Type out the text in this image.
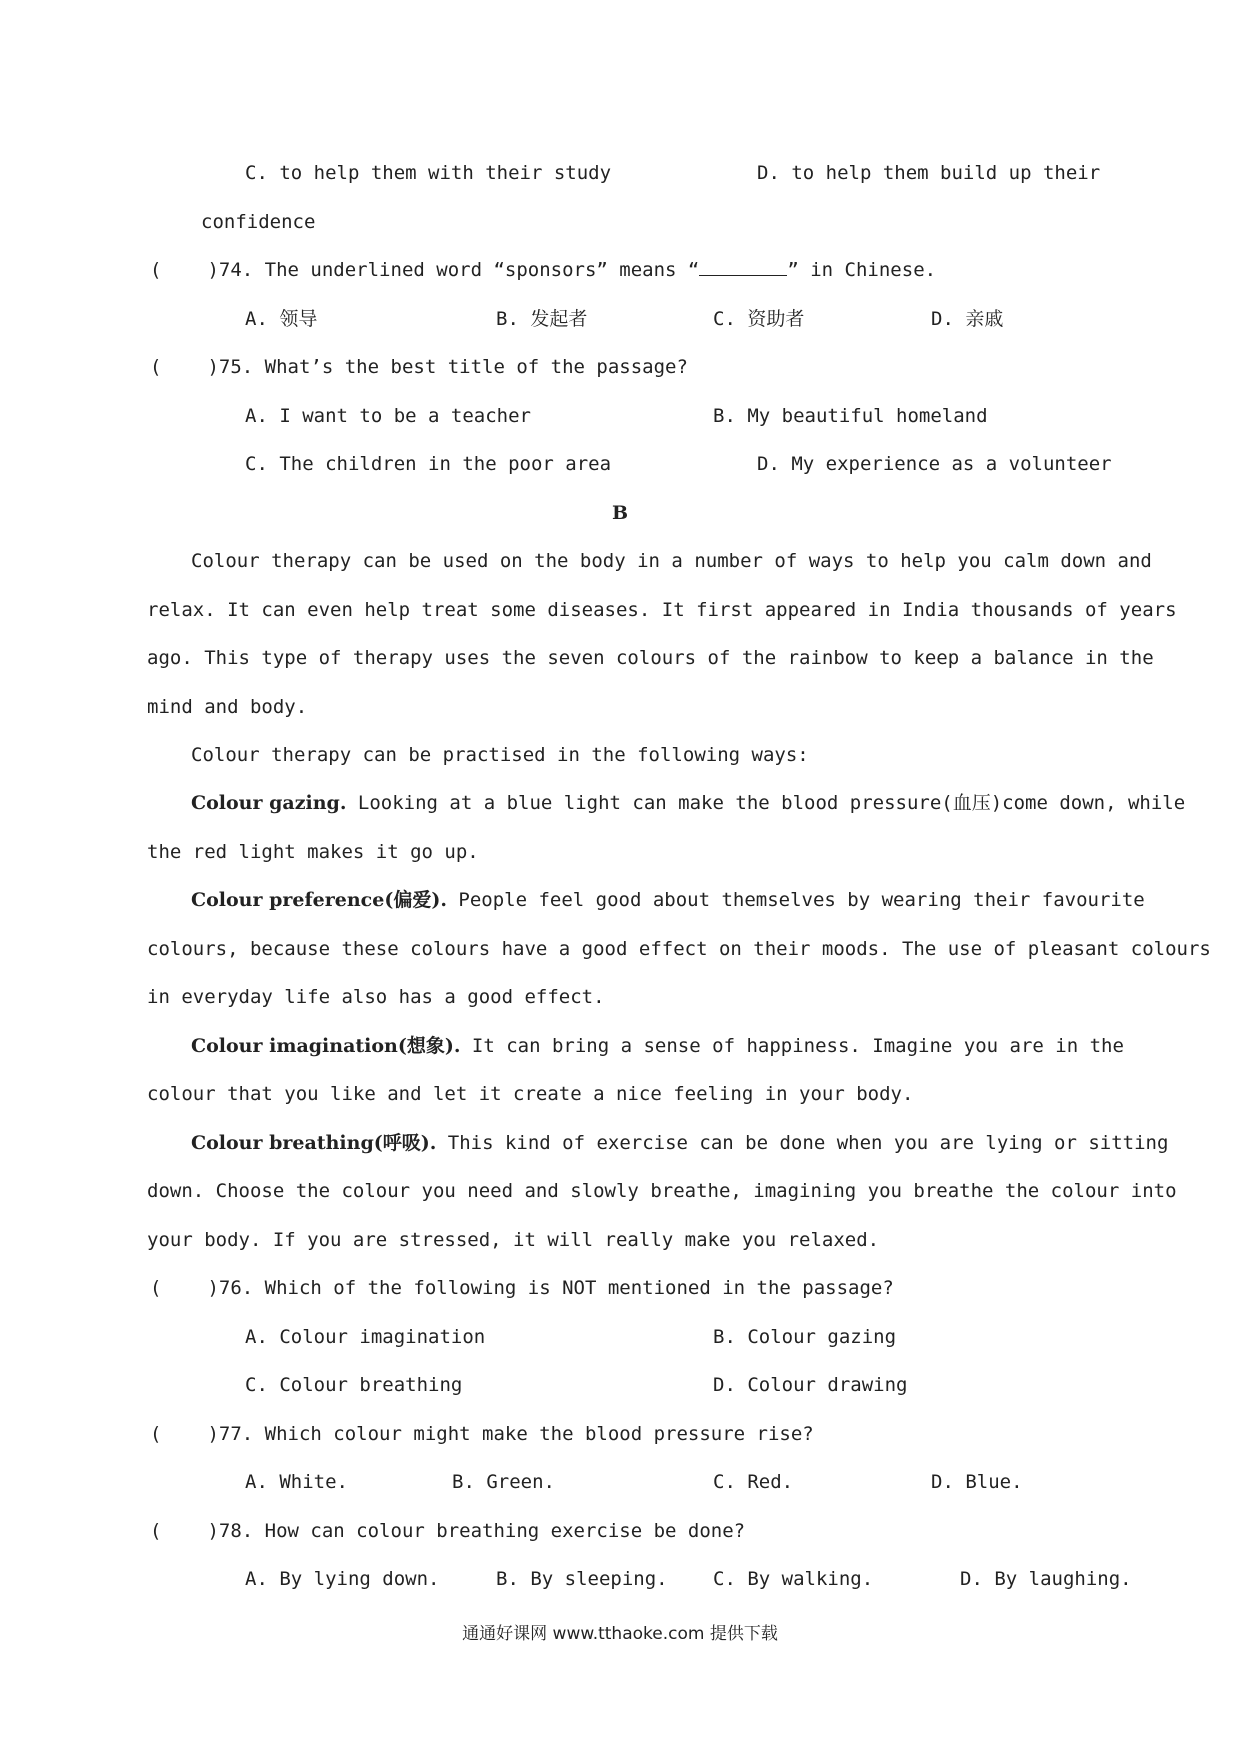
C. to help them with their study	D. to help them build up their
confidence
( )74. The underlined word “sponsors” means “	” in Chinese.
A. 领导	B. 发起者	C. 资助者	D. 亲戚
( )75. What’s the best title of the passage?
A. I want to be a teacher	B. My beautiful homeland
C. The children in the poor area	D. My experience as a volunteer
B
Colour therapy can be used on the body in a number of ways to help you calm down and
relax. It can even help treat some diseases. It first appeared in India thousands of years
ago. This type of therapy uses the seven colours of the rainbow to keep a balance in the
mind and body.
Colour therapy can be practised in the following ways:
Colour gazing. Looking at a blue light can make the blood pressure(血压)come down, while
the red light makes it go up.
Colour preference(偏爱). People feel good about themselves by wearing their favourite
colours, because these colours have a good effect on their moods. The use of pleasant colours
in everyday life also has a good effect.
Colour imagination(想象). It can bring a sense of happiness. Imagine you are in the
colour that you like and let it create a nice feeling in your body.
Colour breathing(呼吸). This kind of exercise can be done when you are lying or sitting
down. Choose the colour you need and slowly breathe, imagining you breathe the colour into
your body. If you are stressed, it will really make you relaxed.
( )76. Which of the following is NOT mentioned in the passage?
A. Colour imagination	B. Colour gazing
C. Colour breathing	D. Colour drawing
( )77. Which colour might make the blood pressure rise?
A. White.	B. Green.	C. Red.	D. Blue.
( )78. How can colour breathing exercise be done?
A. By lying down.	B. By sleeping. C. By walking.	D. By laughing.
通通好课网 www.tthaoke.com 提供下载
